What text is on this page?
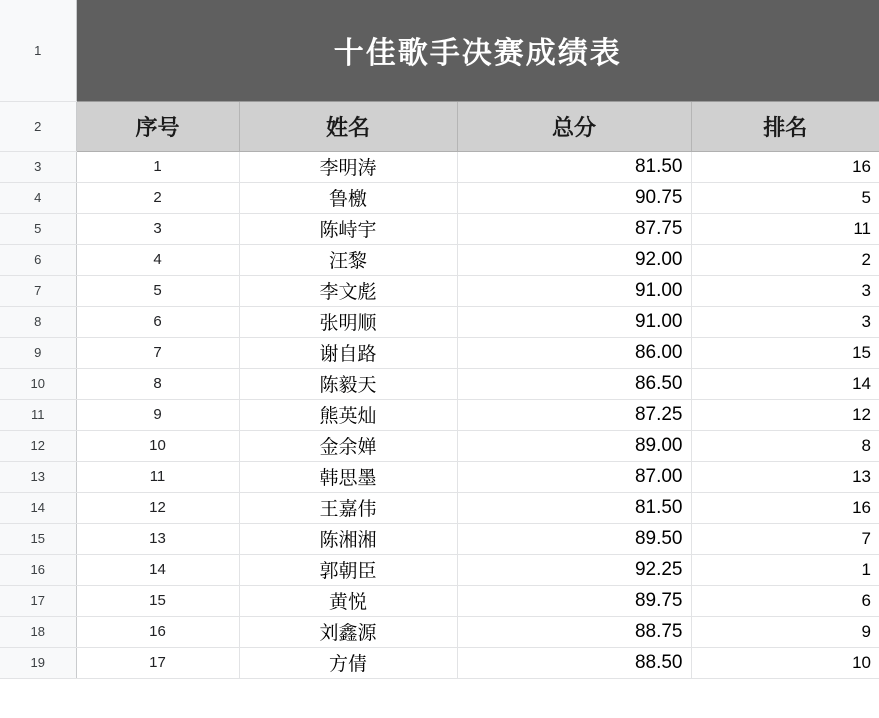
1	十佳歌手决赛成绩表			
2	序号	姓名	总分	排名
3	1	李明涛	81.50	16
4	2	鲁檄	90.75	5
5	3	陈峙宇	87.75	11
6	4	汪黎	92.00	2
7	5	李文彪	91.00	3
8	6	张明顺	91.00	3
9	7	谢自路	86.00	15
10	8	陈毅天	86.50	14
11	9	熊英灿	87.25	12
12	10	金余婵	89.00	8
13	11	韩思墨	87.00	13
14	12	王嘉伟	81.50	16
15	13	陈湘湘	89.50	7
16	14	郭朝臣	92.25	1
17	15	黄悦	89.75	6
18	16	刘鑫源	88.75	9
19	17	方倩	88.50	10
